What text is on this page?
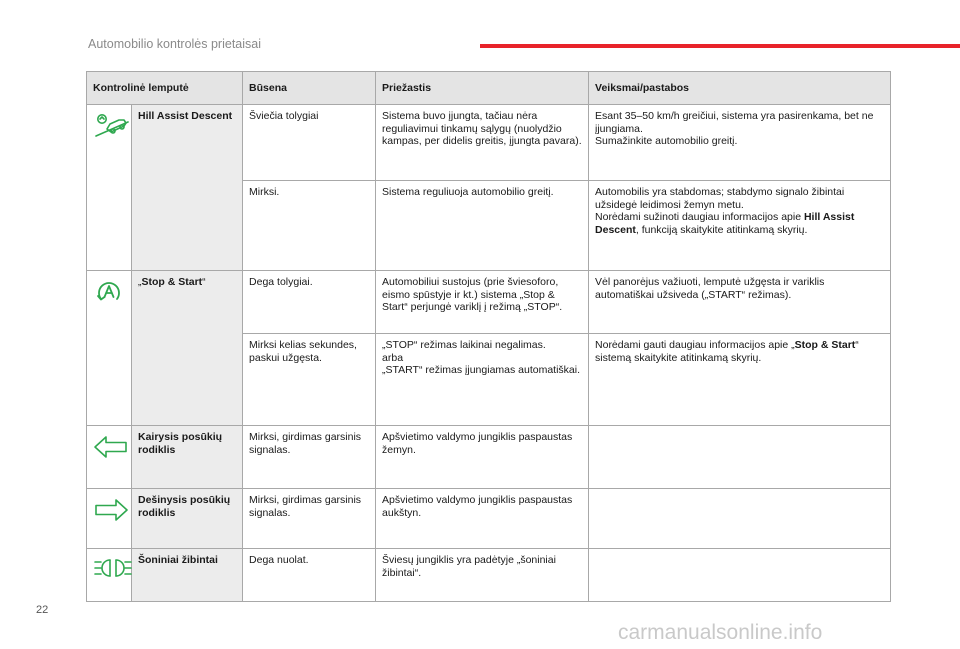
Automobilio kontrolės prietaisai
Kontrolinė lemputė		Būsena	Priežastis	Veiksmai/pastabos

	Hill Assist Descent	Šviečia tolygiai	Sistema buvo įjungta, tačiau nėra reguliavimui tinkamų sąlygų (nuolydžio kampas, per didelis greitis, įjungta pavara).	Esant 35–50 km/h greičiui, sistema yra pasirenkama, bet ne įjungiama.
Sumažinkite automobilio greitį.
		Mirksi.	Sistema reguliuoja automobilio greitį.	Automobilis yra stabdomas; stabdymo signalo žibintai užsidegė leidimosi žemyn metu.
Norėdami sužinoti daugiau informacijos apie Hill Assist Descent, funkciją skaitykite atitinkamą skyrių.

	„Stop & Start“	Dega tolygiai.	Automobiliui sustojus (prie šviesoforo, eismo spūstyje ir kt.) sistema „Stop & Start“ perjungė variklį į režimą „STOP“.	Vėl panorėjus važiuoti, lemputė užgęsta ir variklis automatiškai užsiveda („START“ režimas).
		Mirksi kelias sekundes, paskui užgęsta.	„STOP“ režimas laikinai negalimas.
arba
„START“ režimas įjungiamas automatiškai.	Norėdami gauti daugiau informacijos apie „Stop & Start“ sistemą skaitykite atitinkamą skyrių.

	Kairysis posūkių rodiklis	Mirksi, girdimas garsinis signalas.	Apšvietimo valdymo jungiklis paspaustas žemyn.	

	Dešinysis posūkių rodiklis	Mirksi, girdimas garsinis signalas.	Apšvietimo valdymo jungiklis paspaustas aukštyn.	

	Šoniniai žibintai	Dega nuolat.	Šviesų jungiklis yra padėtyje „šoniniai žibintai“.	
22
carmanualsonline.info
